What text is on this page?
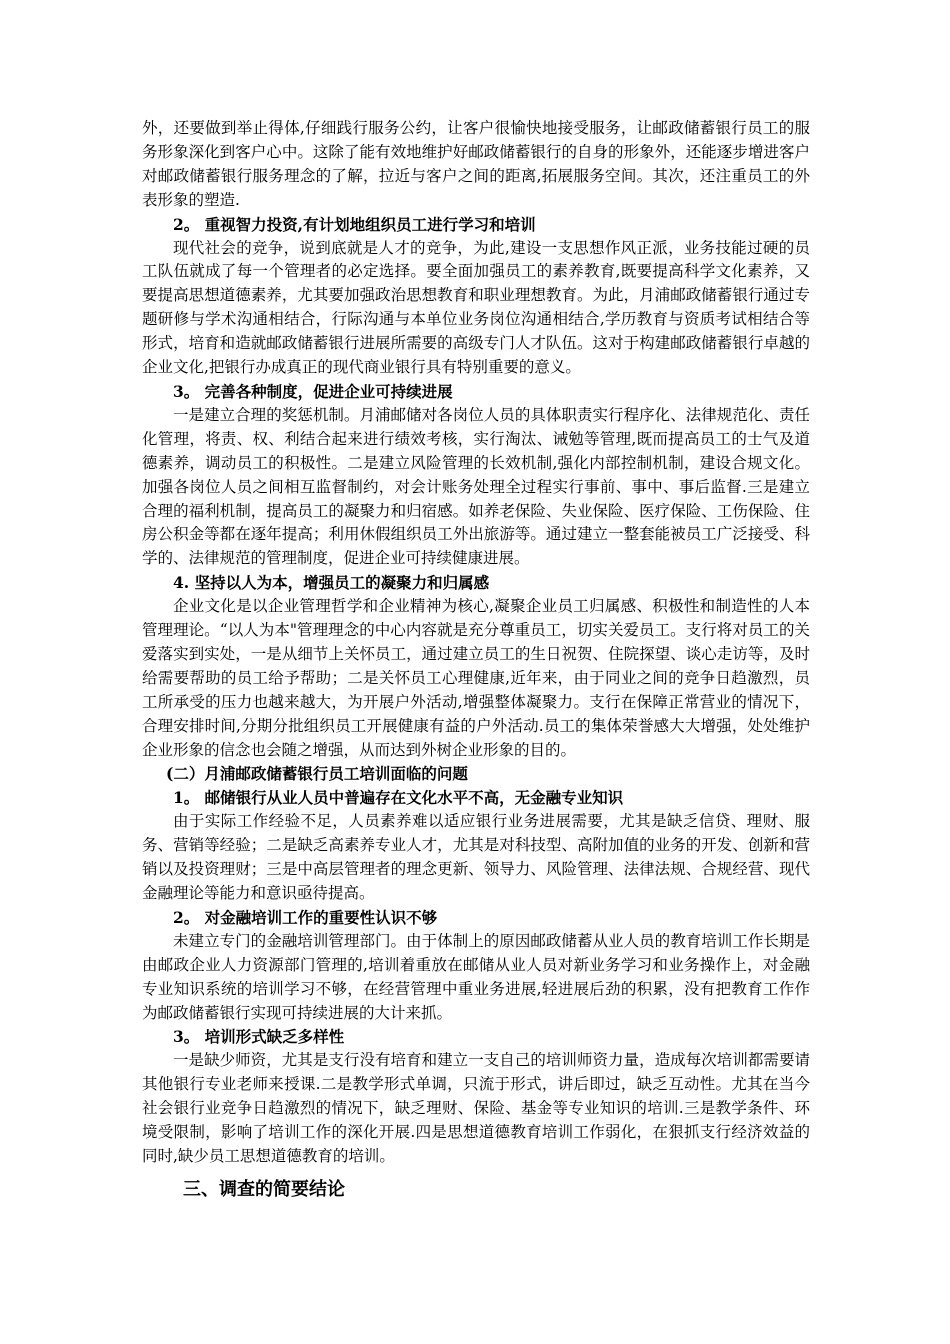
外，还要做到举止得体,仔细践行服务公约，让客户很愉快地接受服务，让邮政储蓄银行员工的服务形象深化到客户心中。这除了能有效地维护好邮政储蓄银行的自身的形象外，还能逐步增进客户对邮政储蓄银行服务理念的了解，拉近与客户之间的距离,拓展服务空间。其次，还注重员工的外表形象的塑造.

2。 重视智力投资,有计划地组织员工进行学习和培训

现代社会的竞争，说到底就是人才的竞争，为此,建设一支思想作风正派，业务技能过硬的员工队伍就成了每一个管理者的必定选择。要全面加强员工的素养教育,既要提高科学文化素养，又要提高思想道德素养，尤其要加强政治思想教育和职业理想教育。为此，月浦邮政储蓄银行通过专题研修与学术沟通相结合，行际沟通与本单位业务岗位沟通相结合,学历教育与资质考试相结合等形式，培育和造就邮政储蓄银行进展所需要的高级专门人才队伍。这对于构建邮政储蓄银行卓越的企业文化,把银行办成真正的现代商业银行具有特别重要的意义。

3。 完善各种制度，促进企业可持续进展

一是建立合理的奖惩机制。月浦邮储对各岗位人员的具体职责实行程序化、法律规范化、责任化管理，将责、权、利结合起来进行绩效考核，实行淘汰、诫勉等管理,既而提高员工的士气及道德素养，调动员工的积极性。二是建立风险管理的长效机制,强化内部控制机制，建设合规文化。加强各岗位人员之间相互监督制约，对会计账务处理全过程实行事前、事中、事后监督.三是建立合理的福利机制，提高员工的凝聚力和归宿感。如养老保险、失业保险、医疗保险、工伤保险、住房公积金等都在逐年提高；利用休假组织员工外出旅游等。通过建立一整套能被员工广泛接受、科学的、法律规范的管理制度，促进企业可持续健康进展。

4. 坚持以人为本，增强员工的凝聚力和归属感

企业文化是以企业管理哲学和企业精神为核心,凝聚企业员工归属感、积极性和制造性的人本管理理论。“以人为本"管理理念的中心内容就是充分尊重员工，切实关爱员工。支行将对员工的关爱落实到实处，一是从细节上关怀员工，通过建立员工的生日祝贺、住院探望、谈心走访等，及时给需要帮助的员工给予帮助；二是关怀员工心理健康,近年来，由于同业之间的竞争日趋激烈，员工所承受的压力也越来越大，为开展户外活动,增强整体凝聚力。支行在保障正常营业的情况下，合理安排时间,分期分批组织员工开展健康有益的户外活动.员工的集体荣誉感大大增强，处处维护企业形象的信念也会随之增强，从而达到外树企业形象的目的。

(二）月浦邮政储蓄银行员工培训面临的问题

1。 邮储银行从业人员中普遍存在文化水平不高，无金融专业知识

由于实际工作经验不足，人员素养难以适应银行业务进展需要，尤其是缺乏信贷、理财、服务、营销等经验；二是缺乏高素养专业人才，尤其是对科技型、高附加值的业务的开发、创新和营销以及投资理财；三是中高层管理者的理念更新、领导力、风险管理、法律法规、合规经营、现代金融理论等能力和意识亟待提高。

2。 对金融培训工作的重要性认识不够

未建立专门的金融培训管理部门。由于体制上的原因邮政储蓄从业人员的教育培训工作长期是由邮政企业人力资源部门管理的,培训着重放在邮储从业人员对新业务学习和业务操作上，对金融专业知识系统的培训学习不够，在经营管理中重业务进展,轻进展后劲的积累，没有把教育工作作为邮政储蓄银行实现可持续进展的大计来抓。

3。 培训形式缺乏多样性

一是缺少师资，尤其是支行没有培育和建立一支自己的培训师资力量，造成每次培训都需要请其他银行专业老师来授课.二是教学形式单调，只流于形式，讲后即过，缺乏互动性。尤其在当今社会银行业竞争日趋激烈的情况下，缺乏理财、保险、基金等专业知识的培训.三是教学条件、环境受限制，影响了培训工作的深化开展.四是思想道德教育培训工作弱化，在狠抓支行经济效益的同时,缺少员工思想道德教育的培训。

三、调查的简要结论
